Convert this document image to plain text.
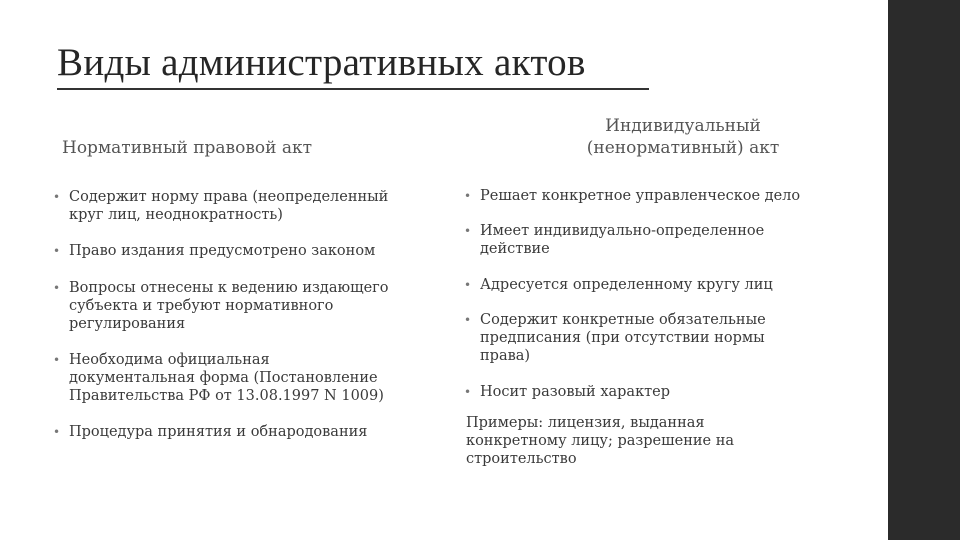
Виды административных актов
Нормативный правовой акт
Индивидуальный
(ненормативный) акт
• Содержит норму права (неопределенный
круг лиц, неоднократность)
• Право издания предусмотрено законом
• Вопросы отнесены к ведению издающего
субъекта и требуют нормативного
регулирования
• Необходима официальная
документальная форма (Постановление
Правительства РФ от 13.08.1997 N 1009)
• Процедура принятия и обнародования
• Решает конкретное управленческое дело
• Имеет индивидуально-определенное
действие
• Адресуется определенному кругу лиц
• Содержит конкретные обязательные
предписания (при отсутствии нормы
права)
• Носит разовый характер
Примеры: лицензия, выданная
конкретному лицу; разрешение на
строительство
